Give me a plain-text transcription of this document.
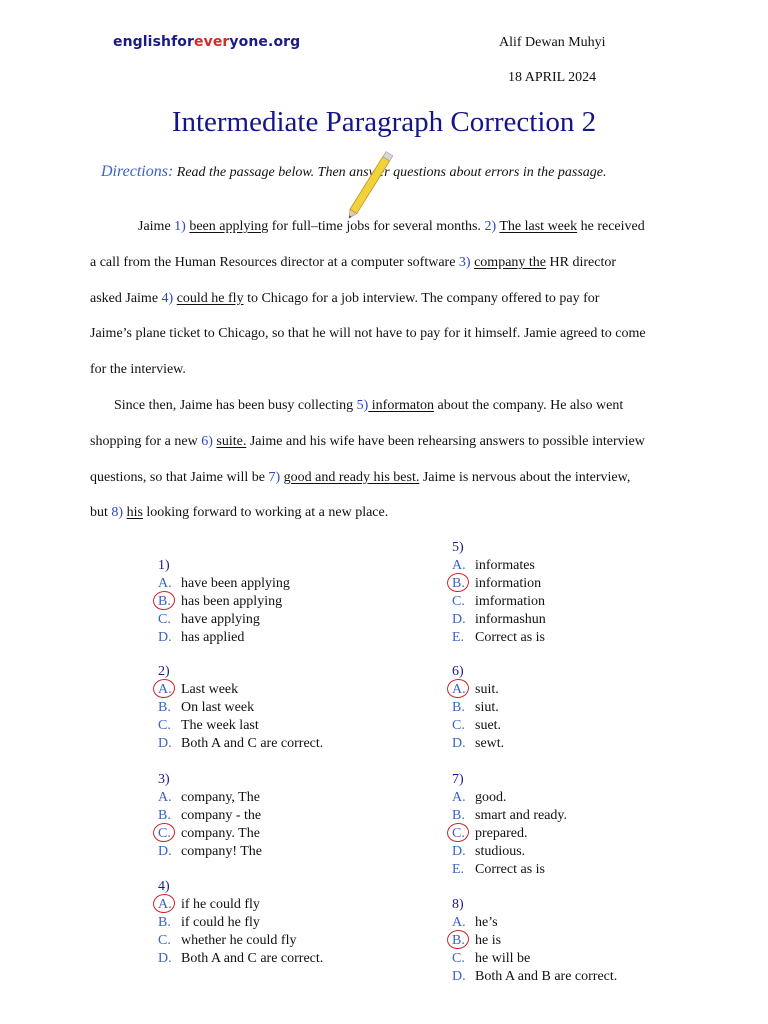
englishforeveryone.org	Alif Dewan Muhyi
18 APRIL 2024
Intermediate Paragraph Correction 2
Directions: Read the passage below. Then answer questions about errors in the passage.
Jaime 1) been applying for full–time jobs for several months. 2) The last week he received
a call from the Human Resources director at a computer software 3) company the HR director
asked Jaime 4) could he fly to Chicago for a job interview. The company offered to pay for
Jaime’s plane ticket to Chicago, so that he will not have to pay for it himself. Jamie agreed to come
for the interview.
Since then, Jaime has been busy collecting 5) informaton about the company. He also went
shopping for a new 6) suite. Jaime and his wife have been rehearsing answers to possible interview
questions, so that Jaime will be 7) good and ready his best. Jaime is nervous about the interview,
but 8) his looking forward to working at a new place.
1)
A. have been applying
B. has been applying
C. have applying
D. has applied
2)
A. Last week
B. On last week
C. The week last
D. Both A and C are correct.
3)
A. company, The
B. company - the
C. company. The
D. company! The
4)
A. if he could fly
B. if could he fly
C. whether he could fly
D. Both A and C are correct.
5)
A. informates
B. information
C. imformation
D. informashun
E. Correct as is
6)
A. suit.
B. siut.
C. suet.
D. sewt.
7)
A. good.
B. smart and ready.
C. prepared.
D. studious.
E. Correct as is
8)
A. he’s
B. he is
C. he will be
D. Both A and B are correct.
